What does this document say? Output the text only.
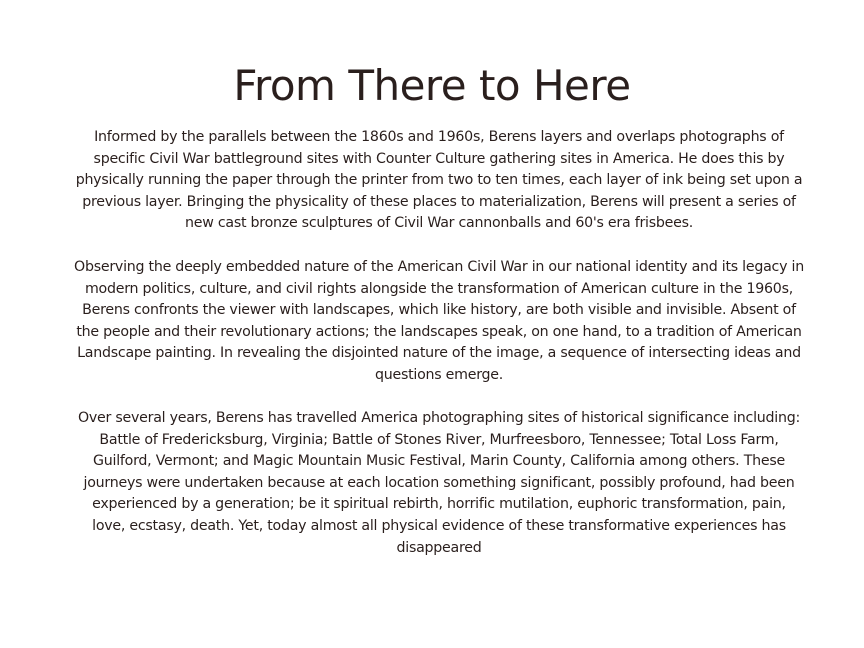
From There to Here

Informed by the parallels between the 1860s and 1960s, Berens layers and overlaps photographs of specific Civil War battleground sites with Counter Culture gathering sites in America. He does this by physically running the paper through the printer from two to ten times, each layer of ink being set upon a previous layer. Bringing the physicality of these places to materialization, Berens will present a series of new cast bronze sculptures of Civil War cannonballs and 60's era frisbees.

Observing the deeply embedded nature of the American Civil War in our national identity and its legacy in modern politics, culture, and civil rights alongside the transformation of American culture in the 1960s, Berens confronts the viewer with landscapes, which like history, are both visible and invisible. Absent of the people and their revolutionary actions; the landscapes speak, on one hand, to a tradition of American Landscape painting. In revealing the disjointed nature of the image, a sequence of intersecting ideas and questions emerge.

Over several years, Berens has travelled America photographing sites of historical significance including: Battle of Fredericksburg, Virginia; Battle of Stones River, Murfreesboro, Tennessee; Total Loss Farm, Guilford, Vermont; and Magic Mountain Music Festival, Marin County, California among others. These journeys were undertaken because at each location something significant, possibly profound, had been experienced by a generation; be it spiritual rebirth, horrific mutilation, euphoric transformation, pain, love, ecstasy, death. Yet, today almost all physical evidence of these transformative experiences has disappeared
